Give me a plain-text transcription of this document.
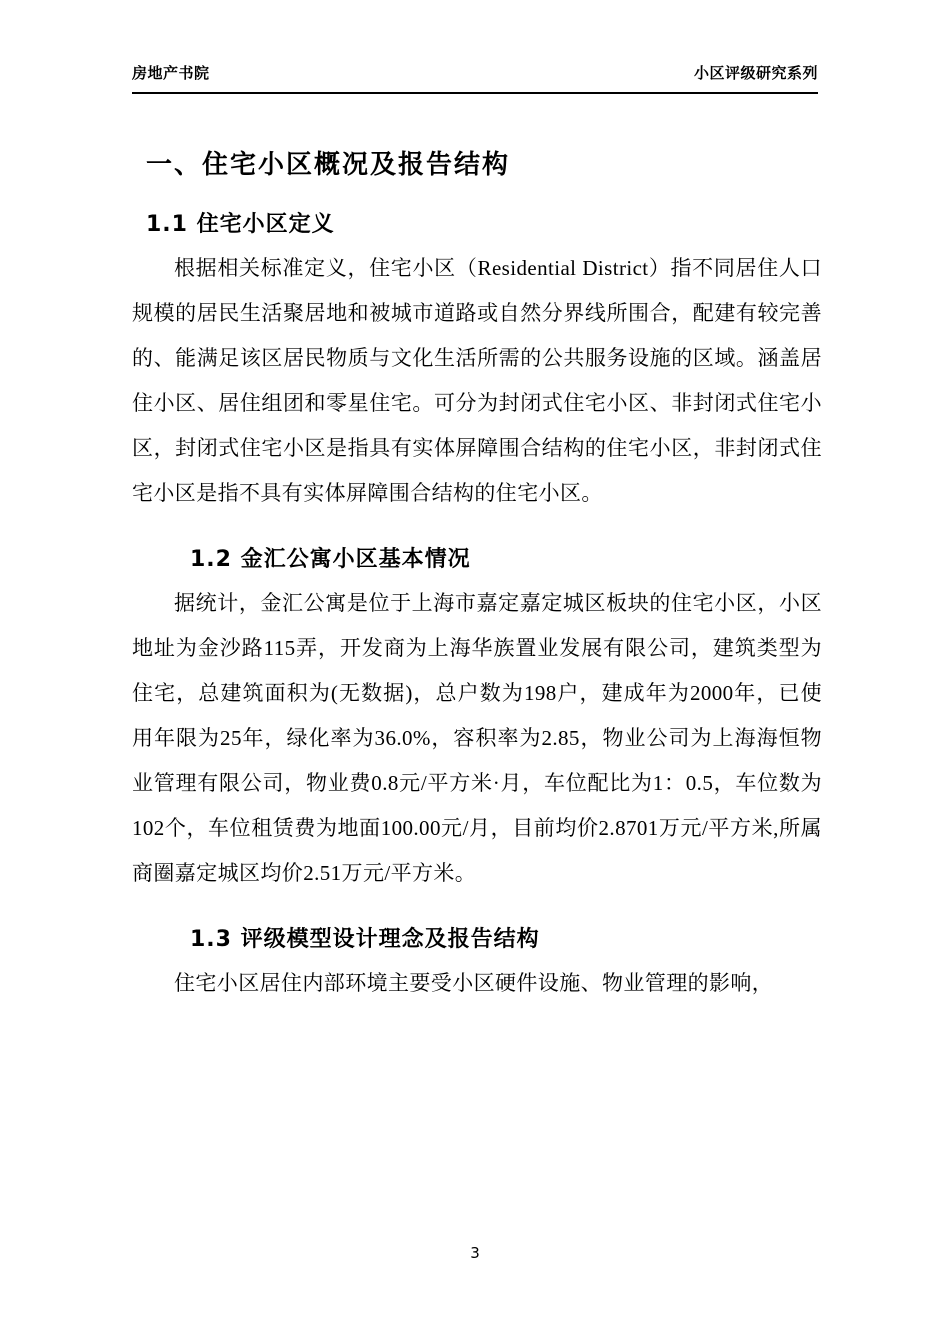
房地产书院	小区评级研究系列
一、住宅小区概况及报告结构
1.1 住宅小区定义

根据相关标准定义，住宅小区（Residential District）指不同居住人口规模的居民生活聚居地和被城市道路或自然分界线所围合，配建有较完善的、能满足该区居民物质与文化生活所需的公共服务设施的区域。涵盖居住小区、居住组团和零星住宅。可分为封闭式住宅小区、非封闭式住宅小区，封闭式住宅小区是指具有实体屏障围合结构的住宅小区，非封闭式住宅小区是指不具有实体屏障围合结构的住宅小区。

1.2 金汇公寓小区基本情况

据统计，金汇公寓是位于上海市嘉定嘉定城区板块的住宅小区，小区地址为金沙路115弄，开发商为上海华族置业发展有限公司，建筑类型为住宅，总建筑面积为(无数据)，总户数为198户，建成年为2000年，已使用年限为25年，绿化率为36.0%，容积率为2.85，物业公司为上海海恒物业管理有限公司，物业费0.8元/平方米·月，车位配比为1：0.5，车位数为102个，车位租赁费为地面100.00元/月，目前均价2.8701万元/平方米,所属商圈嘉定城区均价2.51万元/平方米。

1.3 评级模型设计理念及报告结构

住宅小区居住内部环境主要受小区硬件设施、物业管理的影响，

3
